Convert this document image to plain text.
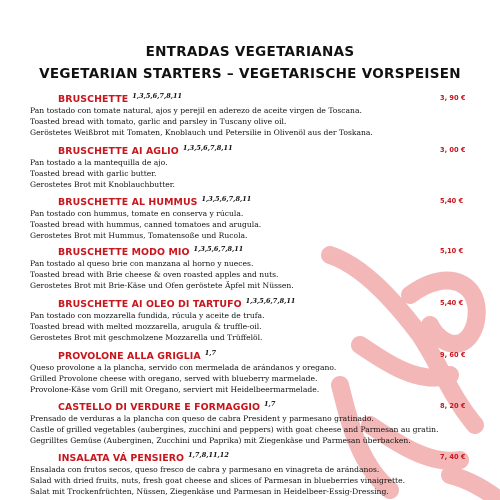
ENTRADAS VEGETARIANAS
VEGETARIAN STARTERS – VEGETARISCHE VORSPEISEN
BRUSCHETTE $^{1,3,5,6,7,8,11}$	3, 90 €
Pan tostado con tomate natural, ajos y perejil en aderezo de aceite virgen de Toscana.
Toasted bread with tomato, garlic and parsley in Tuscany olive oil.
Geröstetes Weißbrot mit Tomaten, Knoblauch und Petersilie in Olivenöl aus der Toskana.
BRUSCHETTE AI AGLIO $^{1,3,5,6,7,8,11}$	3, 00 €
Pan tostado a la mantequilla de ajo.
Toasted bread with garlic butter.
Gerostetes Brot mit Knoblauchbutter.
BRUSCHETTE AL HUMMUS $^{1,3,5,6,7,8,11}$	5,40 €
Pan tostado con hummus, tomate en conserva y rúcula.
Toasted bread with hummus, canned tomatoes and arugula.
Gerostetes Brot mit Hummus, Tomatensoße und Rucola.
BRUSCHETTE MODO MIO $^{1,3,5,6,7,8,11}$	5,10 €
Pan tostado al queso brie con manzana al horno y nueces.
Toasted bread with Brie cheese & oven roasted apples and nuts.
Gerostetes Brot mit Brie-Käse und Ofen geröstete Äpfel mit Nüssen.
BRUSCHETTE AI OLEO DI TARTUFO $^{1,3,5,6,7,8,11}$	5,40 €
Pan tostado con mozzarella fundida, rúcula y aceite de trufa.
Toasted bread with melted mozzarella, arugula & truffle-oil.
Gerostetes Brot mit geschmolzene Mozzarella und Trüffelöl.
PROVOLONE ALLA GRIGLIA $^{1,7}$	9, 60 €
Queso provolone a la plancha, servido con mermelada de arándanos y oregano.
Grilled Provolone cheese with oregano, served with blueberry marmelade.
Provolone-Käse vom Grill mit Oregano, serviert mit Heidelbeermarmelade.
CASTELLO DI VERDURE E FORMAGGIO $^{1,7}$	8, 20 €
Prensado de verduras a la plancha con queso de cabra President y parmesano gratinado.
Castle of grilled vegetables (aubergines, zucchini and peppers) with goat cheese and Parmesan au gratin.
Gegrilltes Gemüse (Auberginen, Zucchini und Paprika) mit Ziegenkäse und Parmesan überbacken.
INSALATA VÁ PENSIERO $^{1,7,8,11,12}$	7, 40 €
Ensalada con frutos secos, queso fresco de cabra y parmesano en vinagreta de arándanos.
Salad with dried fruits, nuts, fresh goat cheese and slices of Parmesan in blueberries vinaigrette.
Salat mit Trockenfrüchten, Nüssen, Ziegenkäse und Parmesan in Heidelbeer-Essig-Dressing.
